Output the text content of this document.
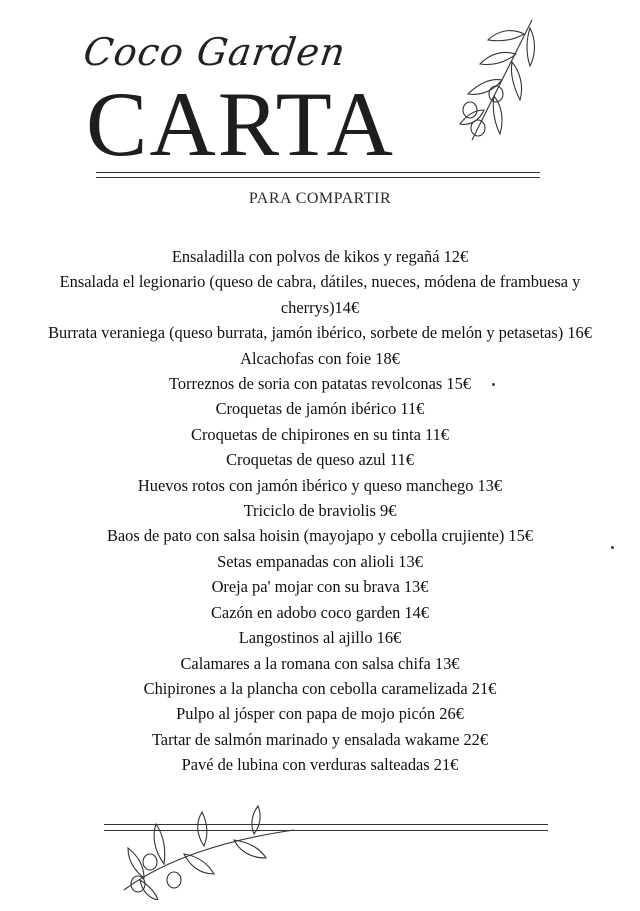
Coco Garden
CARTA
PARA COMPARTIR
Ensaladilla con polvos de kikos y regañá 12€
Ensalada el legionario (queso de cabra, dátiles, nueces, módena de frambuesa y cherrys)14€
Burrata veraniega (queso burrata, jamón ibérico, sorbete de melón y petasetas) 16€
Alcachofas con foie 18€
Torreznos de soria con patatas revolconas 15€
Croquetas de jamón ibérico 11€
Croquetas de chipirones en su tinta 11€
Croquetas de queso azul 11€
Huevos rotos con jamón ibérico y queso manchego 13€
Triciclo de braviolis 9€
Baos de pato con salsa hoisin (mayojapo y cebolla crujiente) 15€
Setas empanadas con alioli 13€
Oreja pa' mojar con su brava 13€
Cazón en adobo coco garden 14€
Langostinos al ajillo 16€
Calamares a la romana con salsa chifa 13€
Chipirones a la plancha con cebolla caramelizada 21€
Pulpo al jósper con papa de mojo picón 26€
Tartar de salmón marinado y ensalada wakame 22€
Pavé de lubina con verduras salteadas 21€
